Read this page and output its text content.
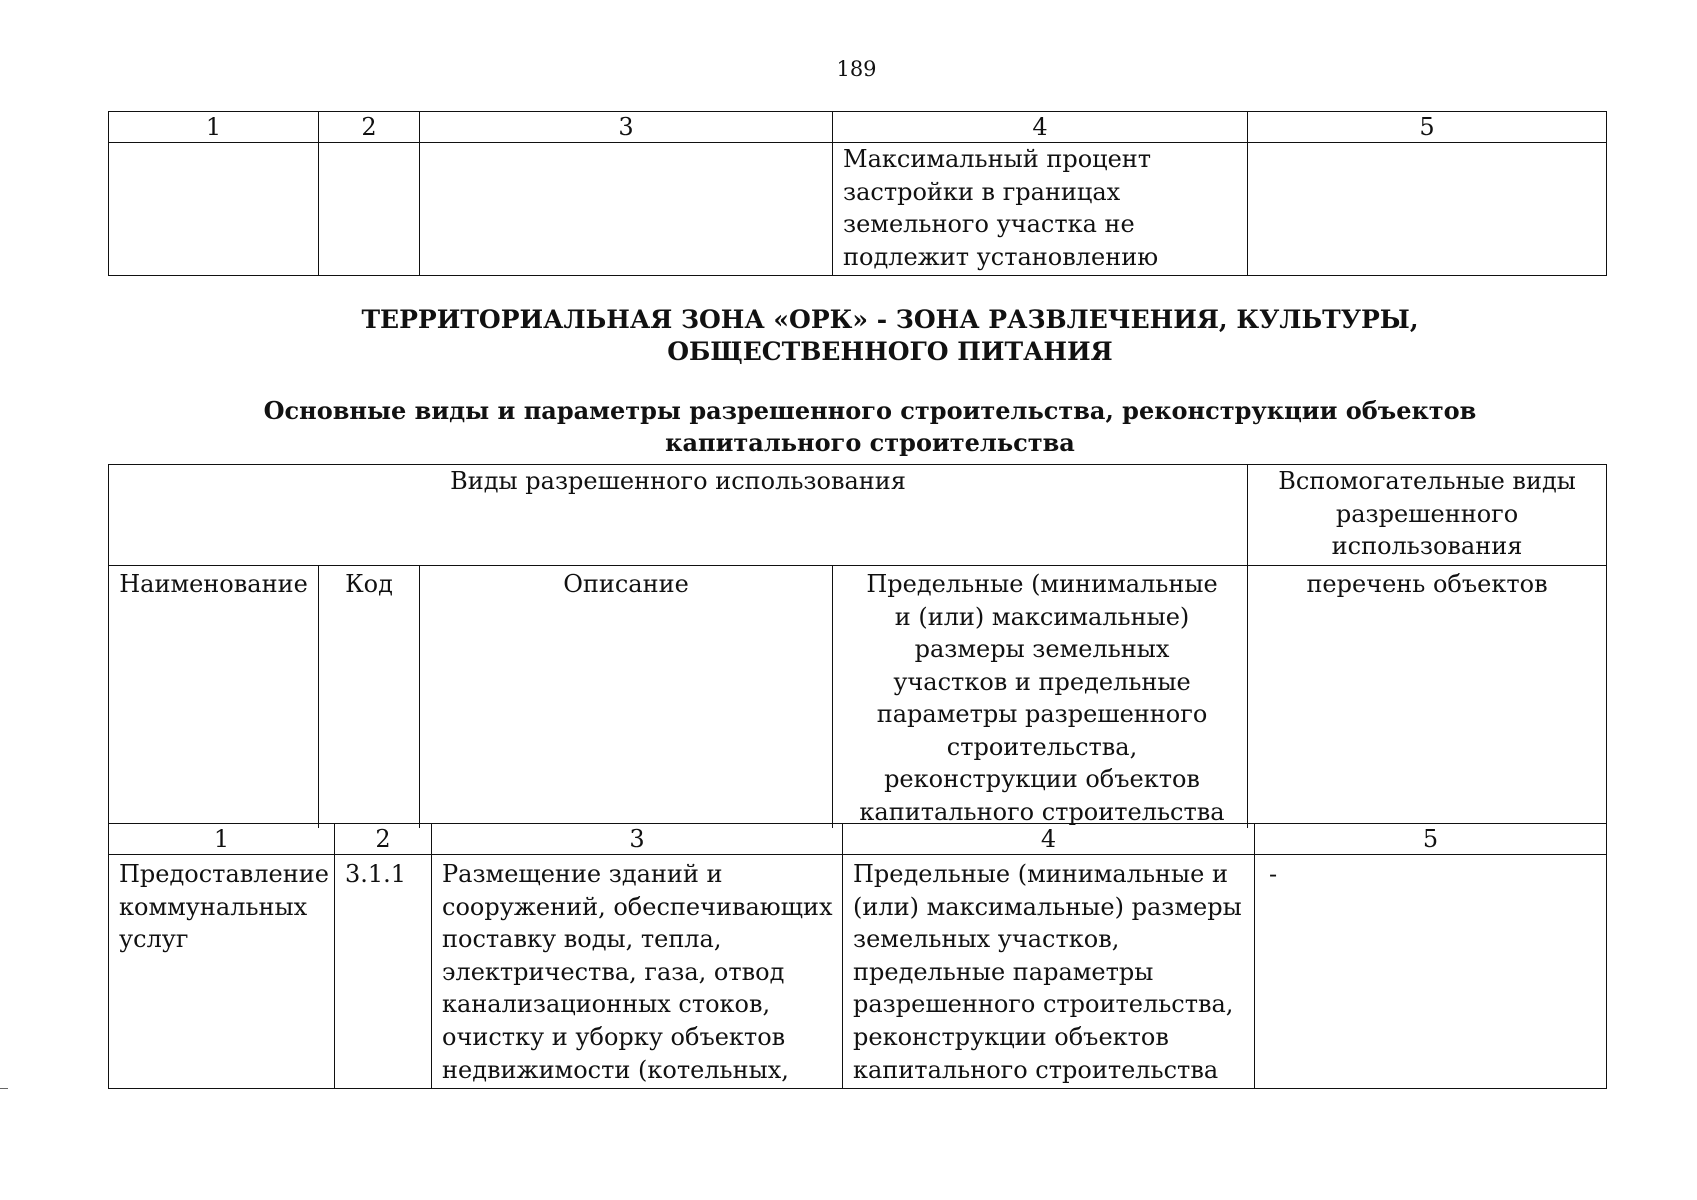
189
1	2	3	4	5
			Максимальный процент застройки в границах земельного участка не подлежит установлению	
ТЕРРИТОРИАЛЬНАЯ ЗОНА «ОРК» - ЗОНА РАЗВЛЕЧЕНИЯ, КУЛЬТУРЫ, ОБЩЕСТВЕННОГО ПИТАНИЯ
Основные виды и параметры разрешенного строительства, реконструкции объектов капитального строительства
Виды разрешенного использования				Вспомогательные виды разрешенного использования
Наименование	Код	Описание	Предельные (минимальные и (или) максимальные) размеры земельных участков и предельные параметры разрешенного строительства, реконструкции объектов капитального строительства	перечень объектов
1	2	3	4	5
Предоставление коммунальных услуг	3.1.1	Размещение зданий и сооружений, обеспечивающих поставку воды, тепла, электричества, газа, отвод канализационных стоков, очистку и уборку объектов недвижимости (котельных,	Предельные (минимальные и (или) максимальные) размеры земельных участков, предельные параметры разрешенного строительства, реконструкции объектов капитального строительства	-
